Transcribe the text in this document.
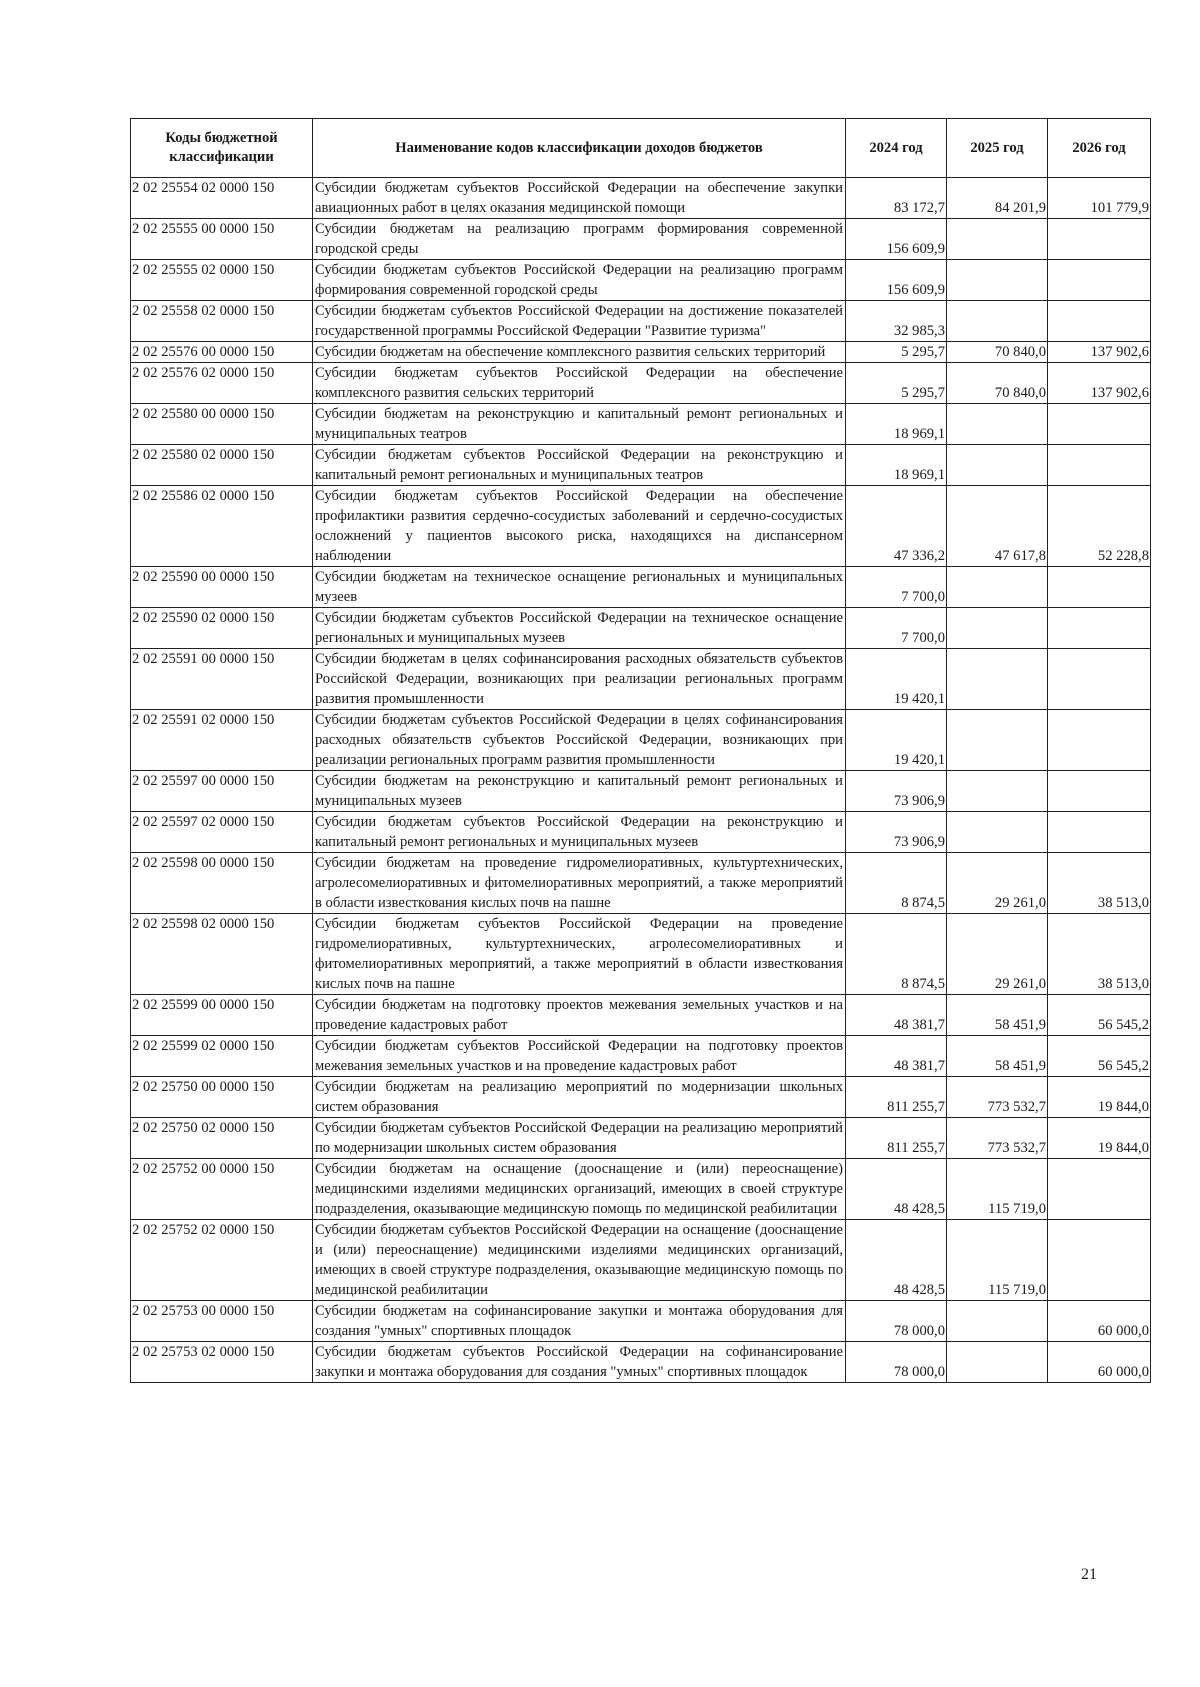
Коды бюджетной классификации	Наименование кодов классификации доходов бюджетов	2024 год	2025 год	2026 год
2 02 25554 02 0000 150	Субсидии бюджетам субъектов Российской Федерации на обеспечение закупки авиационных работ в целях оказания медицинской помощи	83 172,7	84 201,9	101 779,9
2 02 25555 00 0000 150	Субсидии бюджетам на реализацию программ формирования современной городской среды	156 609,9		
2 02 25555 02 0000 150	Субсидии бюджетам субъектов Российской Федерации на реализацию программ формирования современной городской среды	156 609,9		
2 02 25558 02 0000 150	Субсидии бюджетам субъектов Российской Федерации на достижение показателей государственной программы Российской Федерации "Развитие туризма"	32 985,3		
2 02 25576 00 0000 150	Субсидии бюджетам на обеспечение комплексного развития сельских территорий	5 295,7	70 840,0	137 902,6
2 02 25576 02 0000 150	Субсидии бюджетам субъектов Российской Федерации на обеспечение комплексного развития сельских территорий	5 295,7	70 840,0	137 902,6
2 02 25580 00 0000 150	Субсидии бюджетам на реконструкцию и капитальный ремонт региональных и муниципальных театров	18 969,1		
2 02 25580 02 0000 150	Субсидии бюджетам субъектов Российской Федерации на реконструкцию и капитальный ремонт региональных и муниципальных театров	18 969,1		
2 02 25586 02 0000 150	Субсидии бюджетам субъектов Российской Федерации на обеспечение профилактики развития сердечно-сосудистых заболеваний и сердечно-сосудистых осложнений у пациентов высокого риска, находящихся на диспансерном наблюдении	47 336,2	47 617,8	52 228,8
2 02 25590 00 0000 150	Субсидии бюджетам на техническое оснащение региональных и муниципальных музеев	7 700,0		
2 02 25590 02 0000 150	Субсидии бюджетам субъектов Российской Федерации на техническое оснащение региональных и муниципальных музеев	7 700,0		
2 02 25591 00 0000 150	Субсидии бюджетам в целях софинансирования расходных обязательств субъектов Российской Федерации, возникающих при реализации региональных программ развития промышленности	19 420,1		
2 02 25591 02 0000 150	Субсидии бюджетам субъектов Российской Федерации в целях софинансирования расходных обязательств субъектов Российской Федерации, возникающих при реализации региональных программ развития промышленности	19 420,1		
2 02 25597 00 0000 150	Субсидии бюджетам на реконструкцию и капитальный ремонт региональных и муниципальных музеев	73 906,9		
2 02 25597 02 0000 150	Субсидии бюджетам субъектов Российской Федерации на реконструкцию и капитальный ремонт региональных и муниципальных музеев	73 906,9		
2 02 25598 00 0000 150	Субсидии бюджетам на проведение гидромелиоративных, культуртехнических, агролесомелиоративных и фитомелиоративных мероприятий, а также мероприятий в области известкования кислых почв на пашне	8 874,5	29 261,0	38 513,0
2 02 25598 02 0000 150	Субсидии бюджетам субъектов Российской Федерации на проведение гидромелиоративных, культуртехнических, агролесомелиоративных и фитомелиоративных мероприятий, а также мероприятий в области известкования кислых почв на пашне	8 874,5	29 261,0	38 513,0
2 02 25599 00 0000 150	Субсидии бюджетам на подготовку проектов межевания земельных участков и на проведение кадастровых работ	48 381,7	58 451,9	56 545,2
2 02 25599 02 0000 150	Субсидии бюджетам субъектов Российской Федерации на подготовку проектов межевания земельных участков и на проведение кадастровых работ	48 381,7	58 451,9	56 545,2
2 02 25750 00 0000 150	Субсидии бюджетам на реализацию мероприятий по модернизации школьных систем образования	811 255,7	773 532,7	19 844,0
2 02 25750 02 0000 150	Субсидии бюджетам субъектов Российской Федерации на реализацию мероприятий по модернизации школьных систем образования	811 255,7	773 532,7	19 844,0
2 02 25752 00 0000 150	Субсидии бюджетам на оснащение (дооснащение и (или) переоснащение) медицинскими изделиями медицинских организаций, имеющих в своей структуре подразделения, оказывающие медицинскую помощь по медицинской реабилитации	48 428,5	115 719,0	
2 02 25752 02 0000 150	Субсидии бюджетам субъектов Российской Федерации на оснащение (дооснащение и (или) переоснащение) медицинскими изделиями медицинских организаций, имеющих в своей структуре подразделения, оказывающие медицинскую помощь по медицинской реабилитации	48 428,5	115 719,0	
2 02 25753 00 0000 150	Субсидии бюджетам на софинансирование закупки и монтажа оборудования для создания "умных" спортивных площадок	78 000,0		60 000,0
2 02 25753 02 0000 150	Субсидии бюджетам субъектов Российской Федерации на софинансирование закупки и монтажа оборудования для создания "умных" спортивных площадок	78 000,0		60 000,0
21
